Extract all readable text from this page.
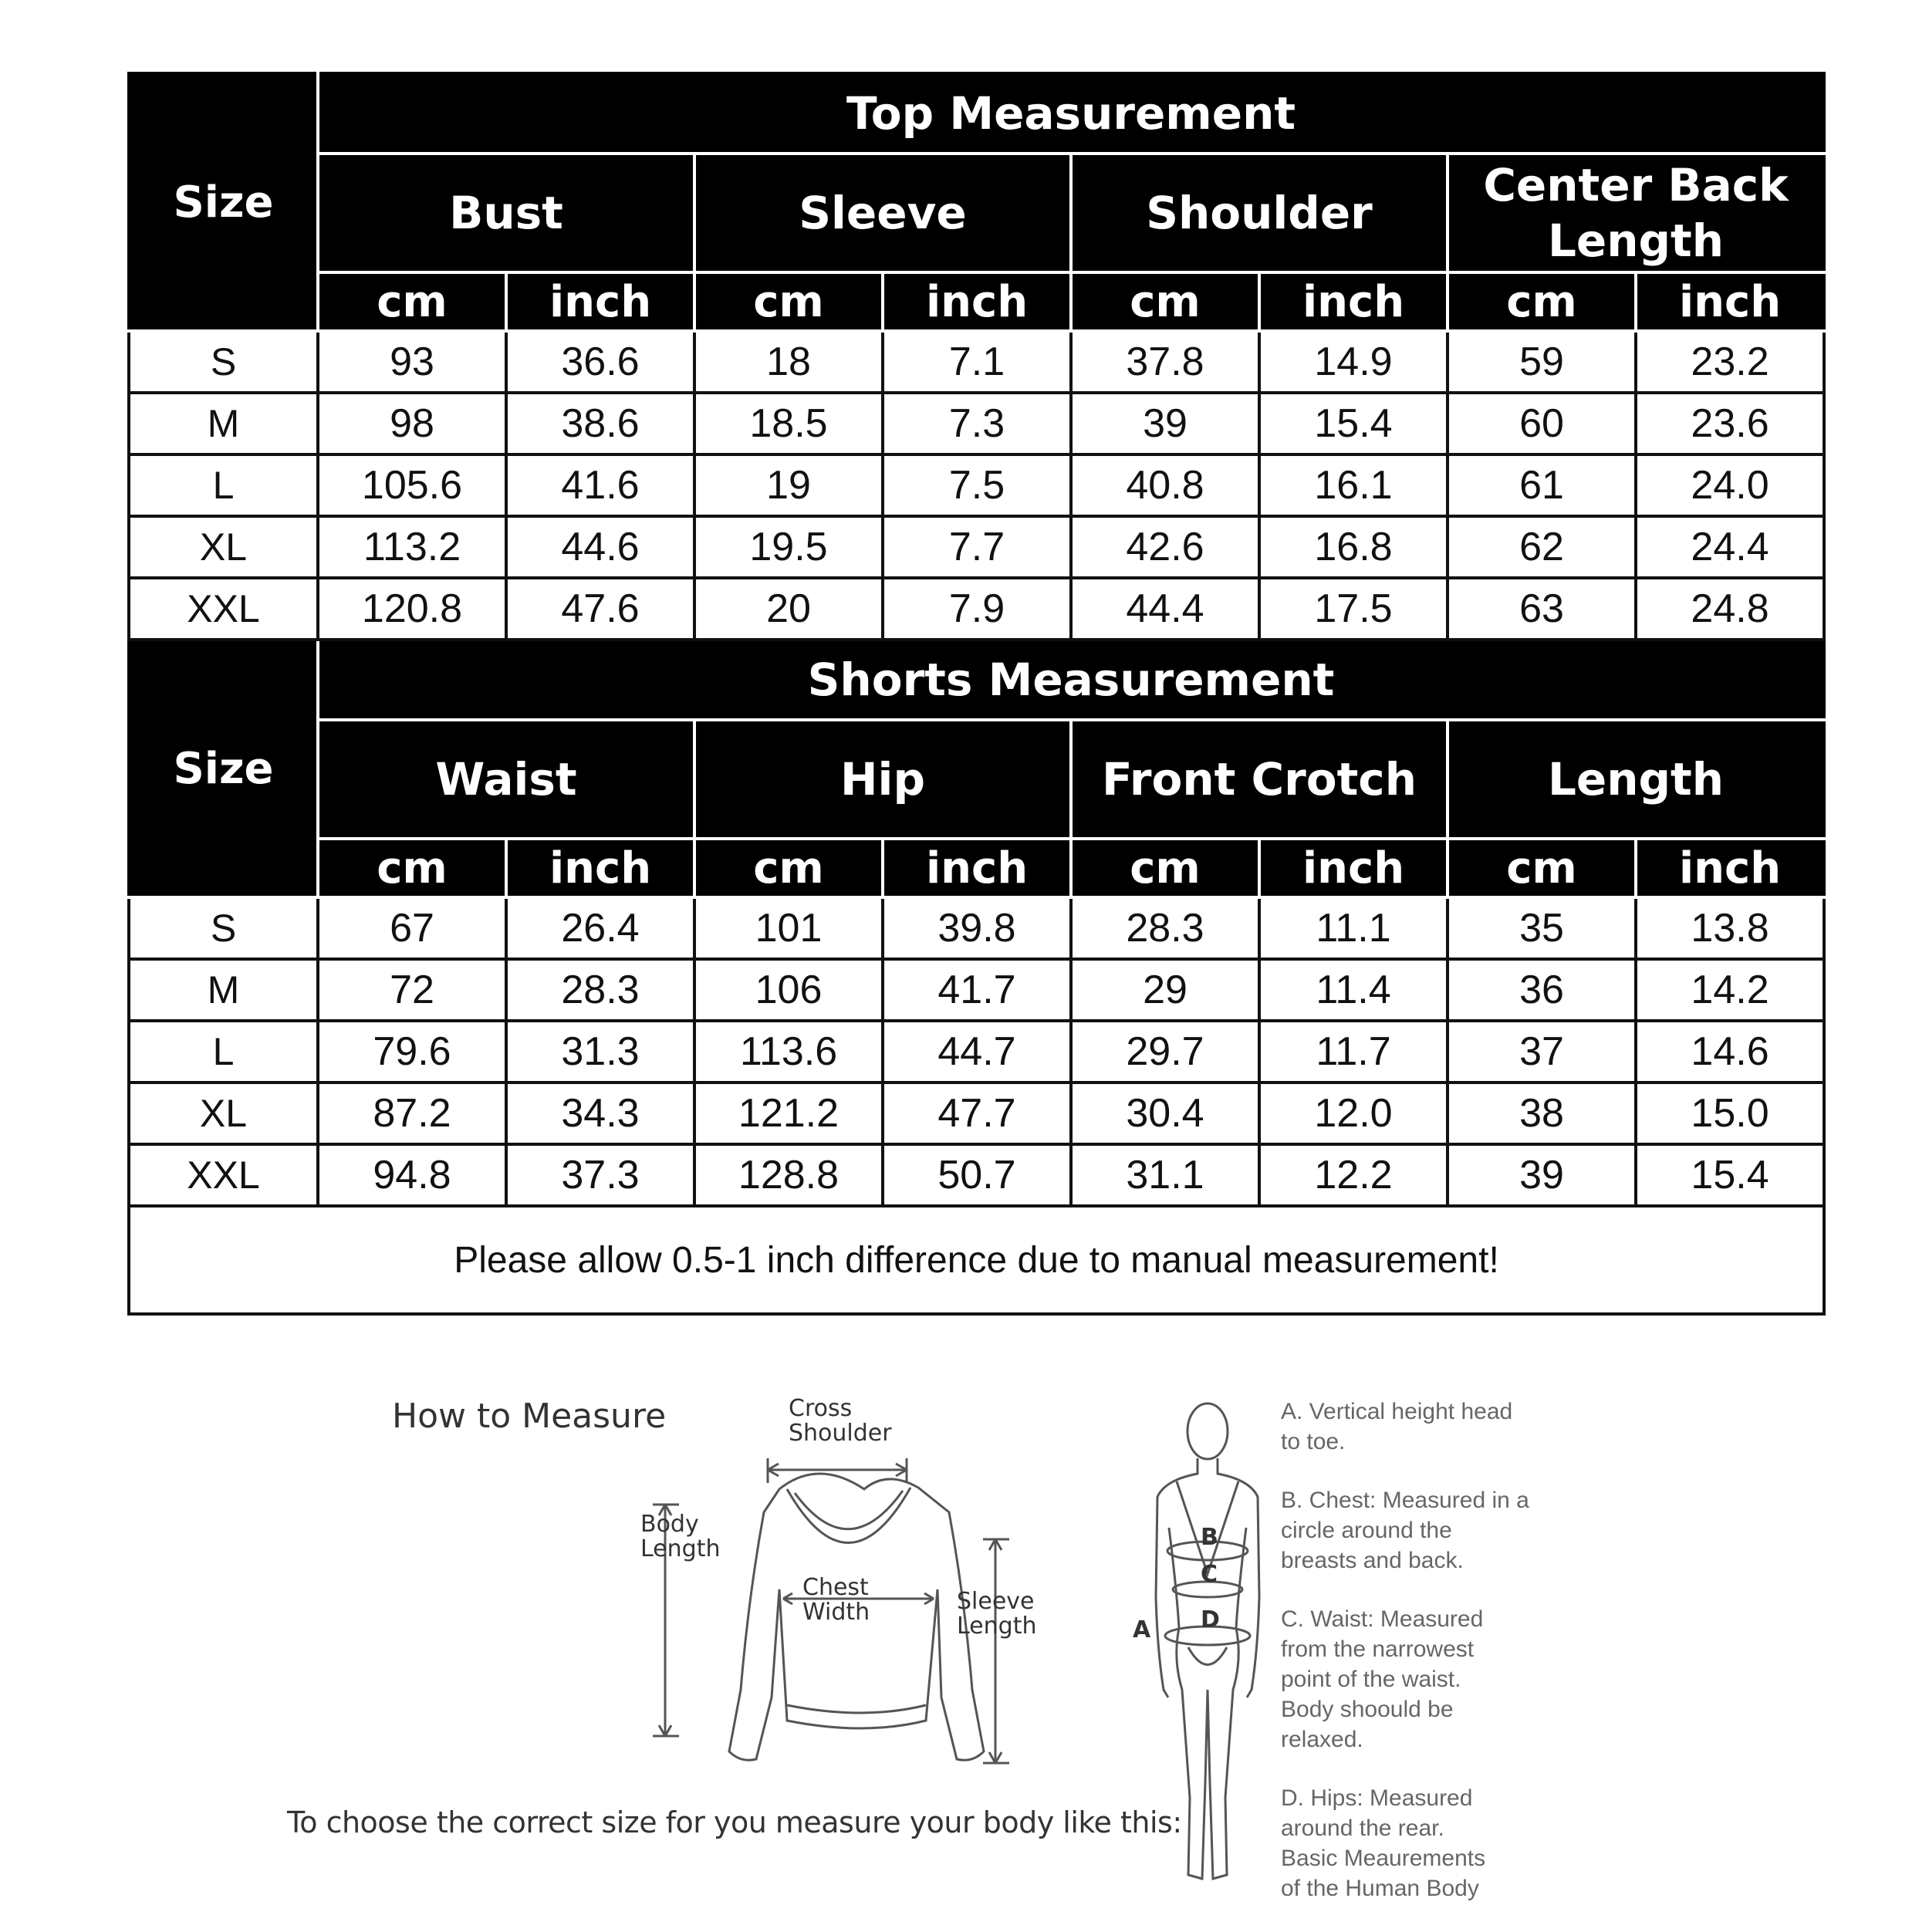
Size	Top Measurement							
	Bust		Sleeve		Shoulder		Center Back Length	
	cm	inch	cm	inch	cm	inch	cm	inch
S	93	36.6	18	7.1	37.8	14.9	59	23.2
M	98	38.6	18.5	7.3	39	15.4	60	23.6
L	105.6	41.6	19	7.5	40.8	16.1	61	24.0
XL	113.2	44.6	19.5	7.7	42.6	16.8	62	24.4
XXL	120.8	47.6	20	7.9	44.4	17.5	63	24.8
Size	Shorts Measurement							
	Waist		Hip		Front Crotch		Length	
	cm	inch	cm	inch	cm	inch	cm	inch
S	67	26.4	101	39.8	28.3	11.1	35	13.8
M	72	28.3	106	41.7	29	11.4	36	14.2
L	79.6	31.3	113.6	44.7	29.7	11.7	37	14.6
XL	87.2	34.3	121.2	47.7	30.4	12.0	38	15.0
XXL	94.8	37.3	128.8	50.7	31.1	12.2	39	15.4
Please allow 0.5-1 inch difference due to manual measurement!								
How to Measure
To choose the correct size for you measure your body like this:
Cross
Shoulder
Body
Length
Chest
Width	Sleeve
Length	A
B
C
D
A. Vertical height head
to toe.
B. Chest: Measured in a
circle around the
breasts and back.
C. Waist: Measured
from the narrowest
point of the waist.
Body shoould be
relaxed.
D. Hips: Measured
around the rear.
Basic Meaurements
of the Human Body
